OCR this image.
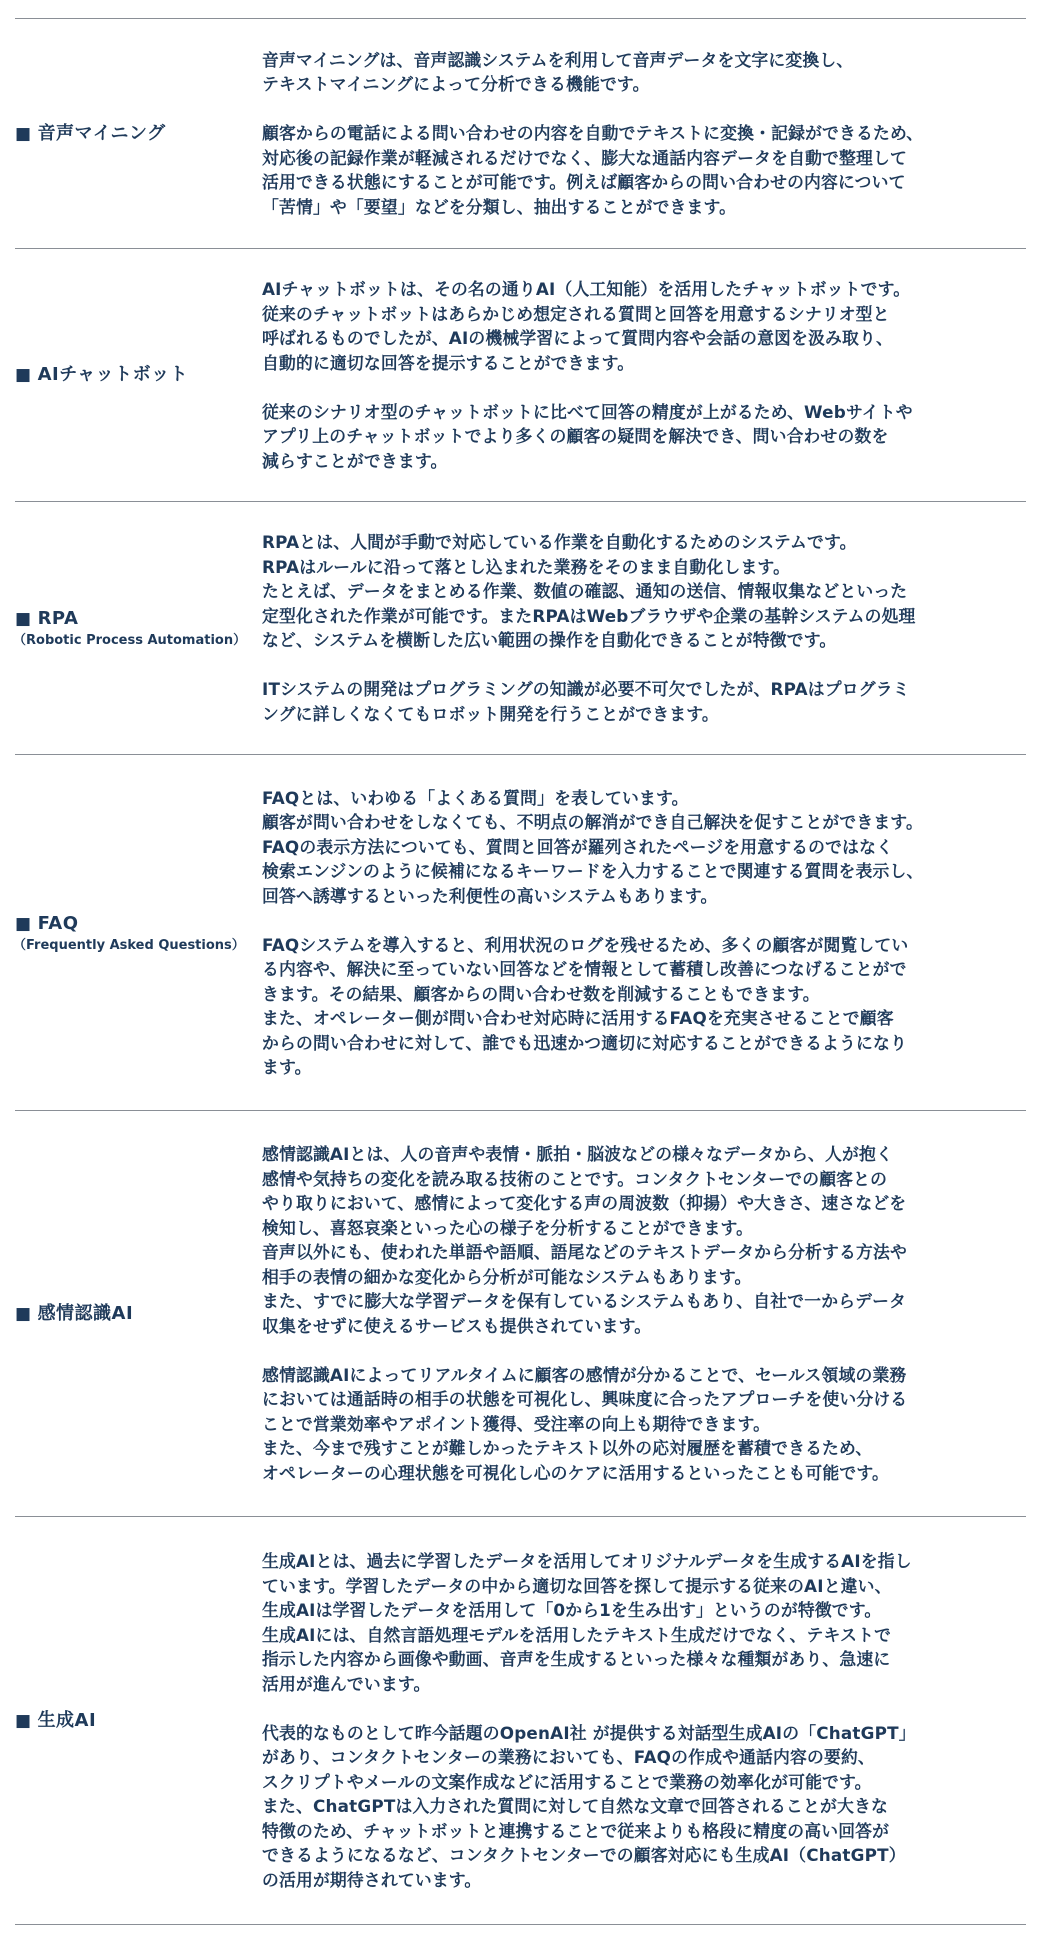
■ 音声マイニング

音声マイニングは、音声認識システムを利用して音声データを文字に変換し、
テキストマイニングによって分析できる機能です。

顧客からの電話による問い合わせの内容を自動でテキストに変換・記録ができるため、
対応後の記録作業が軽減されるだけでなく、膨大な通話内容データを自動で整理して
活用できる状態にすることが可能です。例えば顧客からの問い合わせの内容について
「苦情」や「要望」などを分類し、抽出することができます。

■ AIチャットボット

AIチャットボットは、その名の通りAI（人工知能）を活用したチャットボットです。
従来のチャットボットはあらかじめ想定される質問と回答を用意するシナリオ型と
呼ばれるものでしたが、AIの機械学習によって質問内容や会話の意図を汲み取り、
自動的に適切な回答を提示することができます。

従来のシナリオ型のチャットボットに比べて回答の精度が上がるため、Webサイトや
アプリ上のチャットボットでより多くの顧客の疑問を解決でき、問い合わせの数を
減らすことができます。

■ RPA
（Robotic Process Automation）

RPAとは、人間が手動で対応している作業を自動化するためのシステムです。
RPAはルールに沿って落とし込まれた業務をそのまま自動化します。
たとえば、データをまとめる作業、数値の確認、通知の送信、情報収集などといった
定型化された作業が可能です。またRPAはWebブラウザや企業の基幹システムの処理
など、システムを横断した広い範囲の操作を自動化できることが特徴です。

ITシステムの開発はプログラミングの知識が必要不可欠でしたが、RPAはプログラミ
ングに詳しくなくてもロボット開発を行うことができます。

■ FAQ
（Frequently Asked Questions）

FAQとは、いわゆる「よくある質問」を表しています。
顧客が問い合わせをしなくても、不明点の解消ができ自己解決を促すことができます。
FAQの表示方法についても、質問と回答が羅列されたページを用意するのではなく
検索エンジンのように候補になるキーワードを入力することで関連する質問を表示し、
回答へ誘導するといった利便性の高いシステムもあります。

FAQシステムを導入すると、利用状況のログを残せるため、多くの顧客が閲覧してい
る内容や、解決に至っていない回答などを情報として蓄積し改善につなげることがで
きます。その結果、顧客からの問い合わせ数を削減することもできます。
また、オペレーター側が問い合わせ対応時に活用するFAQを充実させることで顧客
からの問い合わせに対して、誰でも迅速かつ適切に対応することができるようになり
ます。

■ 感情認識AI

感情認識AIとは、人の音声や表情・脈拍・脳波などの様々なデータから、人が抱く
感情や気持ちの変化を読み取る技術のことです。コンタクトセンターでの顧客との
やり取りにおいて、感情によって変化する声の周波数（抑揚）や大きさ、速さなどを
検知し、喜怒哀楽といった心の様子を分析することができます。
音声以外にも、使われた単語や語順、語尾などのテキストデータから分析する方法や
相手の表情の細かな変化から分析が可能なシステムもあります。
また、すでに膨大な学習データを保有しているシステムもあり、自社で一からデータ
収集をせずに使えるサービスも提供されています。

感情認識AIによってリアルタイムに顧客の感情が分かることで、セールス領域の業務
においては通話時の相手の状態を可視化し、興味度に合ったアプローチを使い分ける
ことで営業効率やアポイント獲得、受注率の向上も期待できます。
また、今まで残すことが難しかったテキスト以外の応対履歴を蓄積できるため、
オペレーターの心理状態を可視化し心のケアに活用するといったことも可能です。

■ 生成AI

生成AIとは、過去に学習したデータを活用してオリジナルデータを生成するAIを指し
ています。学習したデータの中から適切な回答を探して提示する従来のAIと違い、
生成AIは学習したデータを活用して「0から1を生み出す」というのが特徴です。
生成AIには、自然言語処理モデルを活用したテキスト生成だけでなく、テキストで
指示した内容から画像や動画、音声を生成するといった様々な種類があり、急速に
活用が進んでいます。

代表的なものとして昨今話題のOpenAI社 が提供する対話型生成AIの「ChatGPT」
があり、コンタクトセンターの業務においても、FAQの作成や通話内容の要約、
スクリプトやメールの文案作成などに活用することで業務の効率化が可能です。
また、ChatGPTは入力された質問に対して自然な文章で回答されることが大きな
特徴のため、チャットボットと連携することで従来よりも格段に精度の高い回答が
できるようになるなど、コンタクトセンターでの顧客対応にも生成AI（ChatGPT）
の活用が期待されています。
